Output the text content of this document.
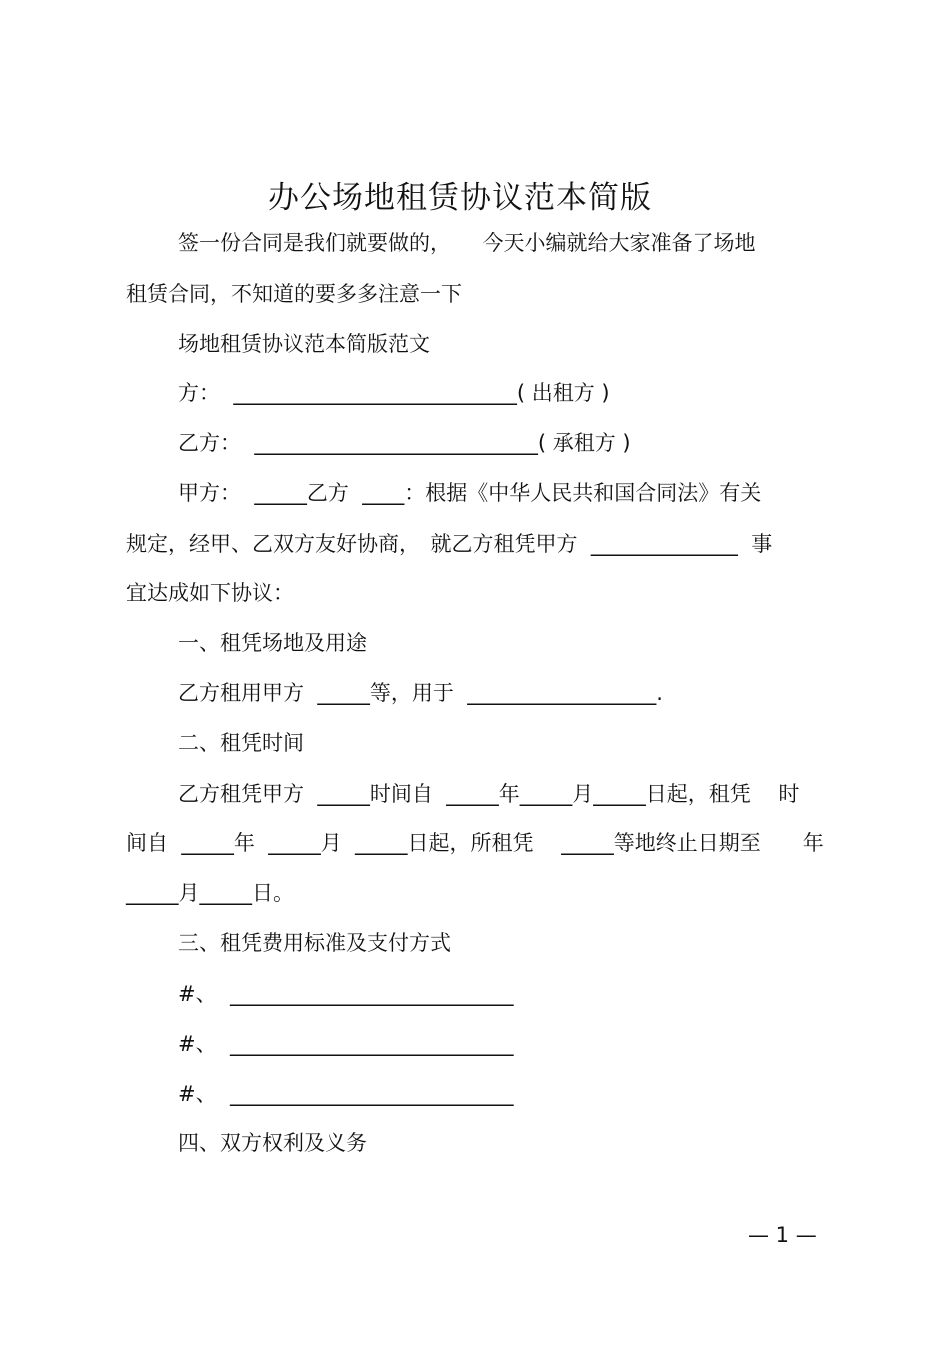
办公场地租赁协议范本简版
签一份合同是我们就要做的，　　今天小编就给大家准备了场地
租赁合同，不知道的要多多注意一下
场地租赁协议范本简版范文
方：  ___________________________( 出租方 )
乙方：  ___________________________( 承租方 )
甲方：  _____乙方  ____：根据《中华人民共和国合同法》有关
规定，经甲、乙双方友好协商，　就乙方租凭甲方  ______________  事
宜达成如下协议：
一、租凭场地及用途
乙方租用甲方  _____等，用于  __________________.
二、租凭时间
乙方租凭甲方  _____时间自  _____年_____月_____日起，租凭　 时
间自  _____年  _____月  _____日起，所租凭　 _____等地终止日期至　　年
_____月_____日。
三、租凭费用标准及支付方式
#、  ___________________________
#、  ___________________________
#、  ___________________________
四、双方权利及义务
— 1 —
